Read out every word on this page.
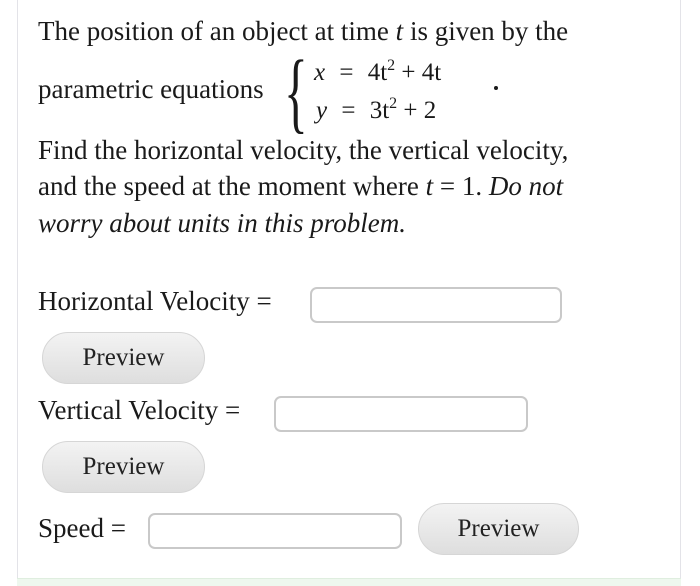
The position of an object at time t is given by the
parametric equations { $x = 4t^2 + 4t$
$y = 3t^2 + 2$
Find the horizontal velocity, the vertical velocity,
and the speed at the moment where t = 1. Do not
worry about units in this problem.
Horizontal Velocity =
Preview
Vertical Velocity =
Preview
Speed =	Preview
